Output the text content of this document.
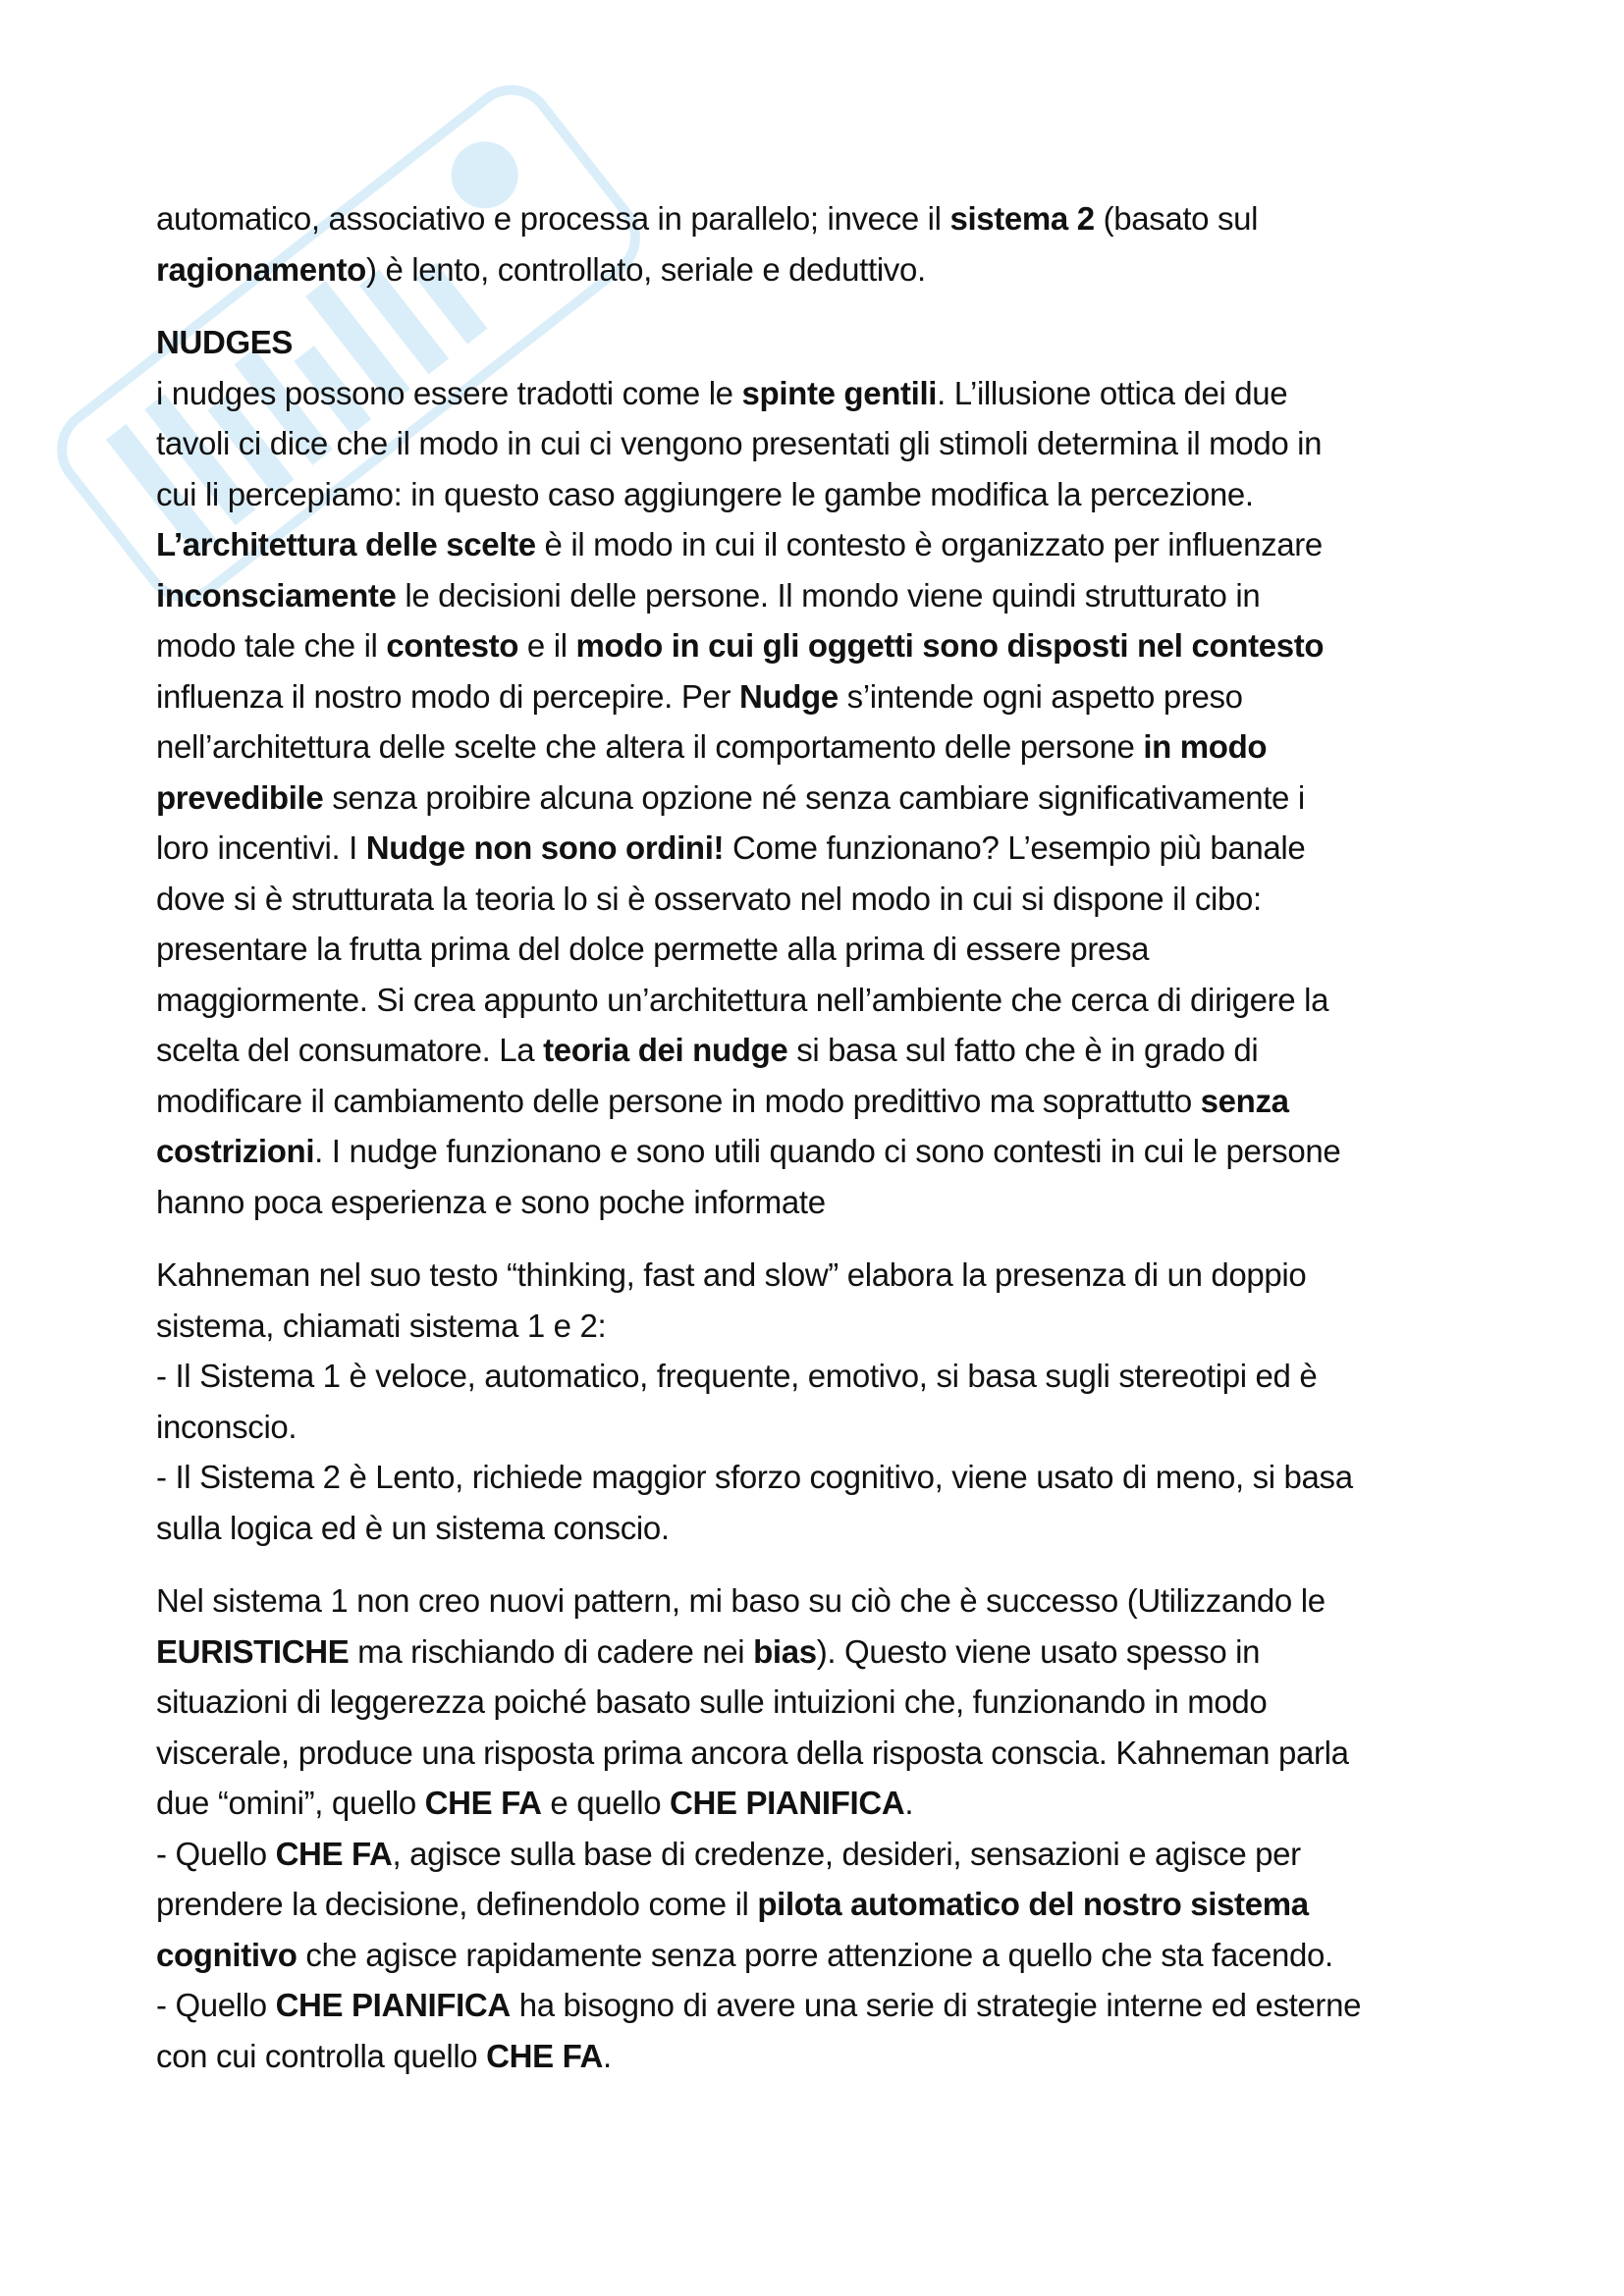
automatico, associativo e processa in parallelo; invece il sistema 2 (basato sul
ragionamento) è lento, controllato, seriale e deduttivo.

NUDGES
i nudges possono essere tradotti come le spinte gentili. L’illusione ottica dei due
tavoli ci dice che il modo in cui ci vengono presentati gli stimoli determina il modo in
cui li percepiamo: in questo caso aggiungere le gambe modifica la percezione.
L’architettura delle scelte è il modo in cui il contesto è organizzato per influenzare
inconsciamente le decisioni delle persone. Il mondo viene quindi strutturato in
modo tale che il contesto e il modo in cui gli oggetti sono disposti nel contesto
influenza il nostro modo di percepire. Per Nudge s’intende ogni aspetto preso
nell’architettura delle scelte che altera il comportamento delle persone in modo
prevedibile senza proibire alcuna opzione né senza cambiare significativamente i
loro incentivi. I Nudge non sono ordini! Come funzionano? L’esempio più banale
dove si è strutturata la teoria lo si è osservato nel modo in cui si dispone il cibo:
presentare la frutta prima del dolce permette alla prima di essere presa
maggiormente. Si crea appunto un’architettura nell’ambiente che cerca di dirigere la
scelta del consumatore. La teoria dei nudge si basa sul fatto che è in grado di
modificare il cambiamento delle persone in modo predittivo ma soprattutto senza
costrizioni. I nudge funzionano e sono utili quando ci sono contesti in cui le persone
hanno poca esperienza e sono poche informate

Kahneman nel suo testo “thinking, fast and slow” elabora la presenza di un doppio
sistema, chiamati sistema 1 e 2:
- Il Sistema 1 è veloce, automatico, frequente, emotivo, si basa sugli stereotipi ed è
inconscio.
- Il Sistema 2 è Lento, richiede maggior sforzo cognitivo, viene usato di meno, si basa
sulla logica ed è un sistema conscio.

Nel sistema 1 non creo nuovi pattern, mi baso su ciò che è successo (Utilizzando le
EURISTICHE ma rischiando di cadere nei bias). Questo viene usato spesso in
situazioni di leggerezza poiché basato sulle intuizioni che, funzionando in modo
viscerale, produce una risposta prima ancora della risposta conscia. Kahneman parla
due “omini”, quello CHE FA e quello CHE PIANIFICA.
- Quello CHE FA, agisce sulla base di credenze, desideri, sensazioni e agisce per
prendere la decisione, definendolo come il pilota automatico del nostro sistema
cognitivo che agisce rapidamente senza porre attenzione a quello che sta facendo.
- Quello CHE PIANIFICA ha bisogno di avere una serie di strategie interne ed esterne
con cui controlla quello CHE FA.
